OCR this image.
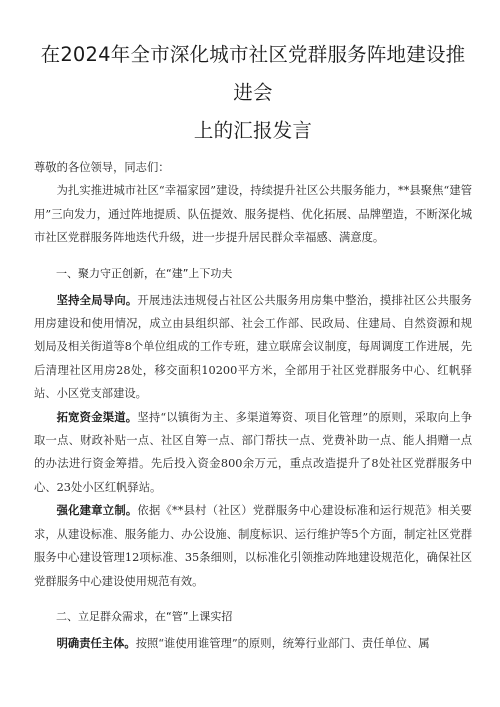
在2024年全市深化城市社区党群服务阵地建设推进会
上的汇报发言

尊敬的各位领导，同志们：

为扎实推进城市社区“幸福家园”建设，持续提升社区公共服务能力，**县聚焦“建管用”三向发力，通过阵地提质、队伍提效、服务提档、优化拓展、品牌塑造，不断深化城市社区党群服务阵地迭代升级，进一步提升居民群众幸福感、满意度。

一、聚力守正创新，在“建”上下功夫

坚持全局导向。开展违法违规侵占社区公共服务用房集中整治，摸排社区公共服务用房建设和使用情况，成立由县组织部、社会工作部、民政局、住建局、自然资源和规划局及相关街道等8个单位组成的工作专班，建立联席会议制度，每周调度工作进展，先后清理社区用房28处，移交面积10200平方米，全部用于社区党群服务中心、红帆驿站、小区党支部建设。

拓宽资金渠道。坚持“以镇街为主、多渠道筹资、项目化管理”的原则，采取向上争取一点、财政补贴一点、社区自筹一点、部门帮扶一点、党费补助一点、能人捐赠一点的办法进行资金筹措。先后投入资金800余万元，重点改造提升了8处社区党群服务中心、23处小区红帆驿站。

强化建章立制。依据《**县村（社区）党群服务中心建设标准和运行规范》相关要求，从建设标准、服务能力、办公设施、制度标识、运行维护等5个方面，制定社区党群服务中心建设管理12项标准、35条细则，以标准化引领推动阵地建设规范化，确保社区党群服务中心建设使用规范有效。

二、立足群众需求，在“管”上课实招

明确责任主体。按照“谁使用谁管理”的原则，统筹行业部门、责任单位、属
